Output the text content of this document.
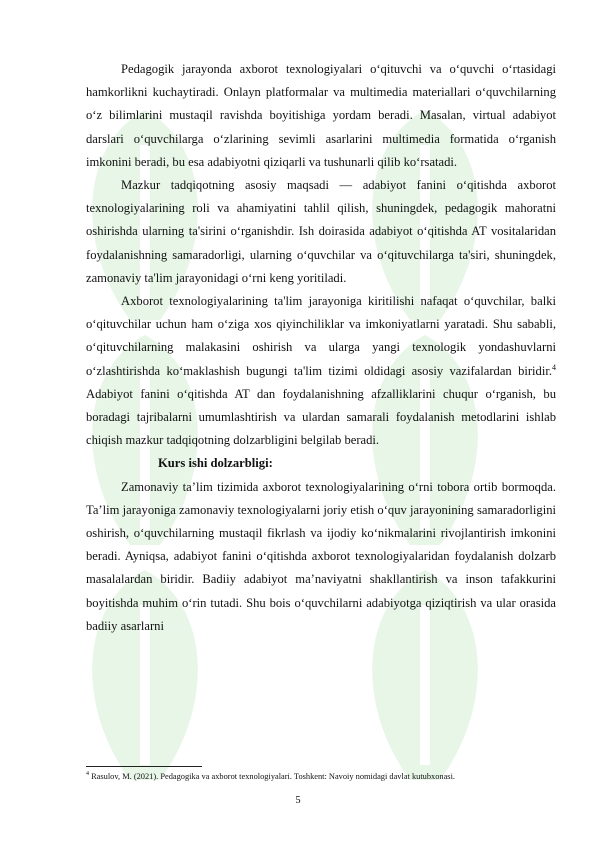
Pedagogik jarayonda axborot texnologiyalari o‘qituvchi va o‘quvchi o‘rtasidagi hamkorlikni kuchaytiradi. Onlayn platformalar va multimedia materiallari o‘quvchilarning o‘z bilimlarini mustaqil ravishda boyitishiga yordam beradi. Masalan, virtual adabiyot darslari o‘quvchilarga o‘zlarining sevimli asarlarini multimedia formatida o‘rganish imkonini beradi, bu esa adabiyotni qiziqarli va tushunarli qilib ko‘rsatadi.

Mazkur tadqiqotning asosiy maqsadi — adabiyot fanini o‘qitishda axborot texnologiyalarining roli va ahamiyatini tahlil qilish, shuningdek, pedagogik mahoratni oshirishda ularning ta'sirini o‘rganishdir. Ish doirasida adabiyot o‘qitishda AT vositalaridan foydalanishning samaradorligi, ularning o‘quvchilar va o‘qituvchilarga ta'siri, shuningdek, zamonaviy ta'lim jarayonidagi o‘rni keng yoritiladi.

Axborot texnologiyalarining ta'lim jarayoniga kiritilishi nafaqat o‘quvchilar, balki o‘qituvchilar uchun ham o‘ziga xos qiyinchiliklar va imkoniyatlarni yaratadi. Shu sababli, o‘qituvchilarning malakasini oshirish va ularga yangi texnologik yondashuvlarni o‘zlashtirishda ko‘maklashish bugungi ta'lim tizimi oldidagi asosiy vazifalardan biridir.$^4$ Adabiyot fanini o‘qitishda AT dan foydalanishning afzalliklarini chuqur o‘rganish, bu boradagi tajribalarni umumlashtirish va ulardan samarali foydalanish metodlarini ishlab chiqish mazkur tadqiqotning dolzarbligini belgilab beradi.

Kurs ishi dolzarbligi:

Zamonaviy ta’lim tizimida axborot texnologiyalarining o‘rni tobora ortib bormoqda. Ta’lim jarayoniga zamonaviy texnologiyalarni joriy etish o‘quv jarayonining samaradorligini oshirish, o‘quvchilarning mustaqil fikrlash va ijodiy ko‘nikmalarini rivojlantirish imkonini beradi. Ayniqsa, adabiyot fanini o‘qitishda axborot texnologiyalaridan foydalanish dolzarb masalalardan biridir. Badiiy adabiyot ma’naviyatni shakllantirish va inson tafakkurini boyitishda muhim o‘rin tutadi. Shu bois o‘quvchilarni adabiyotga qiziqtirish va ular orasida badiiy asarlarni

$^4$ Rasulov, M. (2021). Pedagogika va axborot texnologiyalari. Toshkent: Navoiy nomidagi davlat kutubxonasi.
5
